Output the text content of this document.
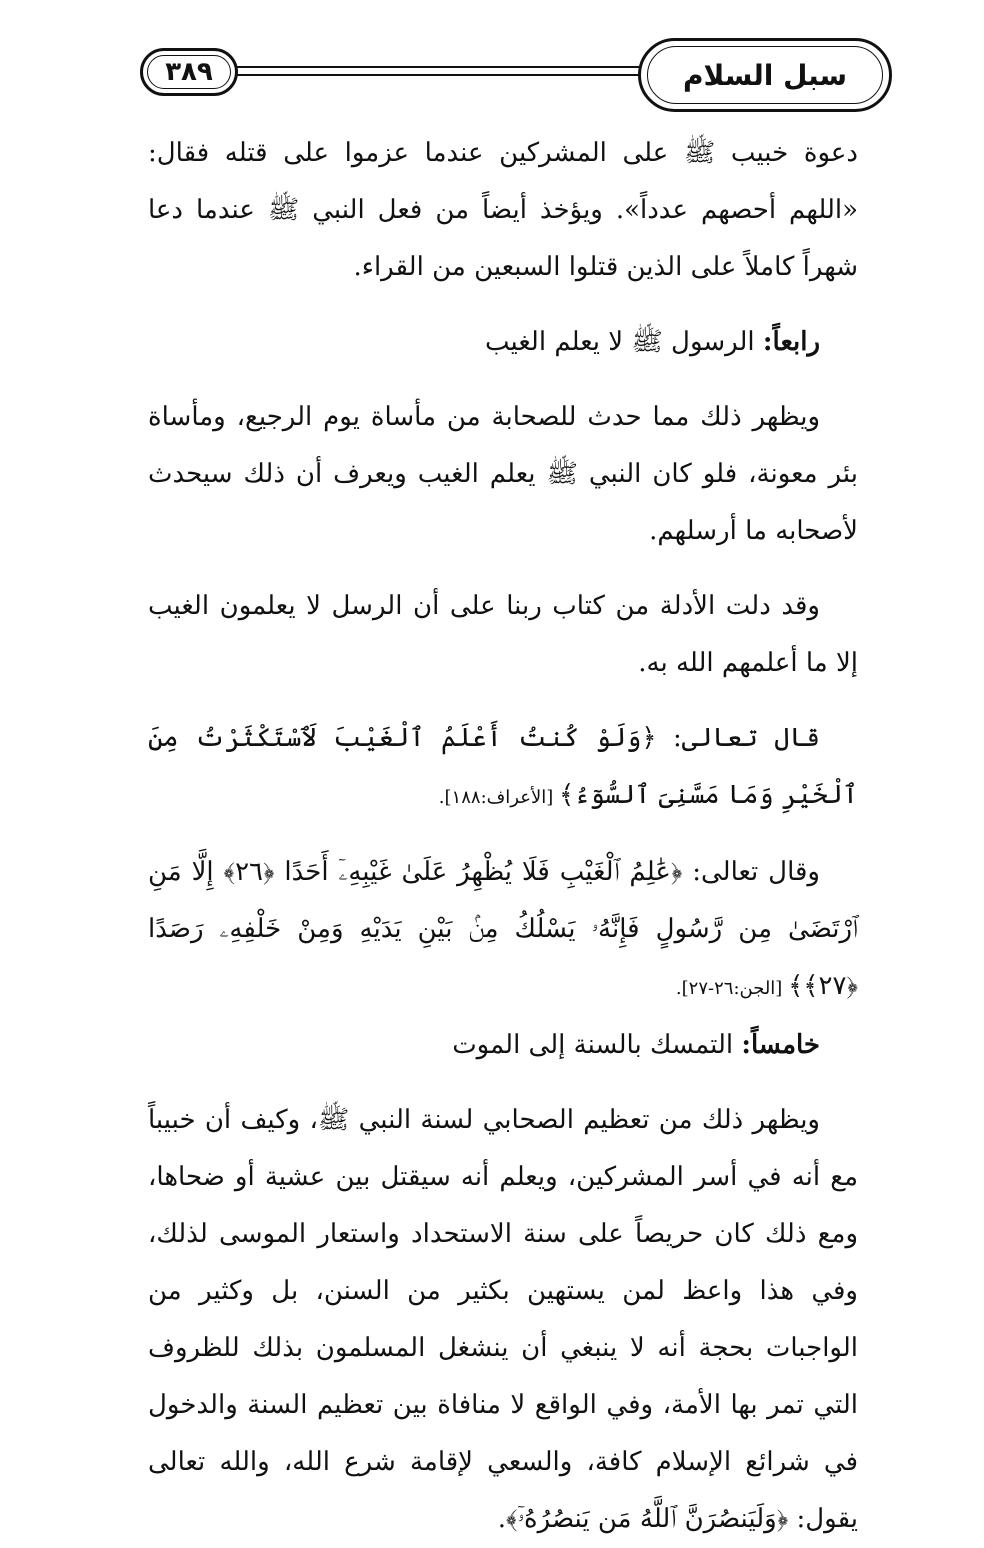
٣٨٩	سبل السلام

دعوة خبيب ﷺ على المشركين عندما عزموا على قتله فقال: «اللهم أحصهم عدداً». ويؤخذ أيضاً من فعل النبي ﷺ عندما دعا شهراً كاملاً على الذين قتلوا السبعين من القراء.

رابعاً: الرسول ﷺ لا يعلم الغيب

ويظهر ذلك مما حدث للصحابة من مأساة يوم الرجيع، ومأساة بئر معونة، فلو كان النبي ﷺ يعلم الغيب ويعرف أن ذلك سيحدث لأصحابه ما أرسلهم.

وقد دلت الأدلة من كتاب ربنا على أن الرسل لا يعلمون الغيب إلا ما أعلمهم الله به.

قال تعالى: ﴿وَلَوْ كُنتُ أَعْلَمُ ٱلْغَيْبَ لَٱسْتَكْثَرْتُ مِنَ ٱلْخَيْرِ وَمَا مَسَّنِىَ ٱلسُّوٓءُ﴾ [الأعراف:١٨٨].

وقال تعالى: ﴿عَٰلِمُ ٱلْغَيْبِ فَلَا يُظْهِرُ عَلَىٰ غَيْبِهِۦٓ أَحَدًا ﴿٢٦﴾ إِلَّا مَنِ ٱرْتَضَىٰ مِن رَّسُولٍ فَإِنَّهُۥ يَسْلُكُ مِنۢ بَيْنِ يَدَيْهِ وَمِنْ خَلْفِهِۦ رَصَدًا ﴿٢٧﴾﴾ [الجن:٢٦-٢٧].

خامساً: التمسك بالسنة إلى الموت

ويظهر ذلك من تعظيم الصحابي لسنة النبي ﷺ، وكيف أن خبيباً مع أنه في أسر المشركين، ويعلم أنه سيقتل بين عشية أو ضحاها، ومع ذلك كان حريصاً على سنة الاستحداد واستعار الموسى لذلك، وفي هذا واعظ لمن يستهين بكثير من السنن، بل وكثير من الواجبات بحجة أنه لا ينبغي أن ينشغل المسلمون بذلك للظروف التي تمر بها الأمة، وفي الواقع لا منافاة بين تعظيم السنة والدخول في شرائع الإسلام كافة، والسعي لإقامة شرع الله، والله تعالى يقول: ﴿وَلَيَنصُرَنَّ ٱللَّهُ مَن يَنصُرُهُۥٓ﴾.
